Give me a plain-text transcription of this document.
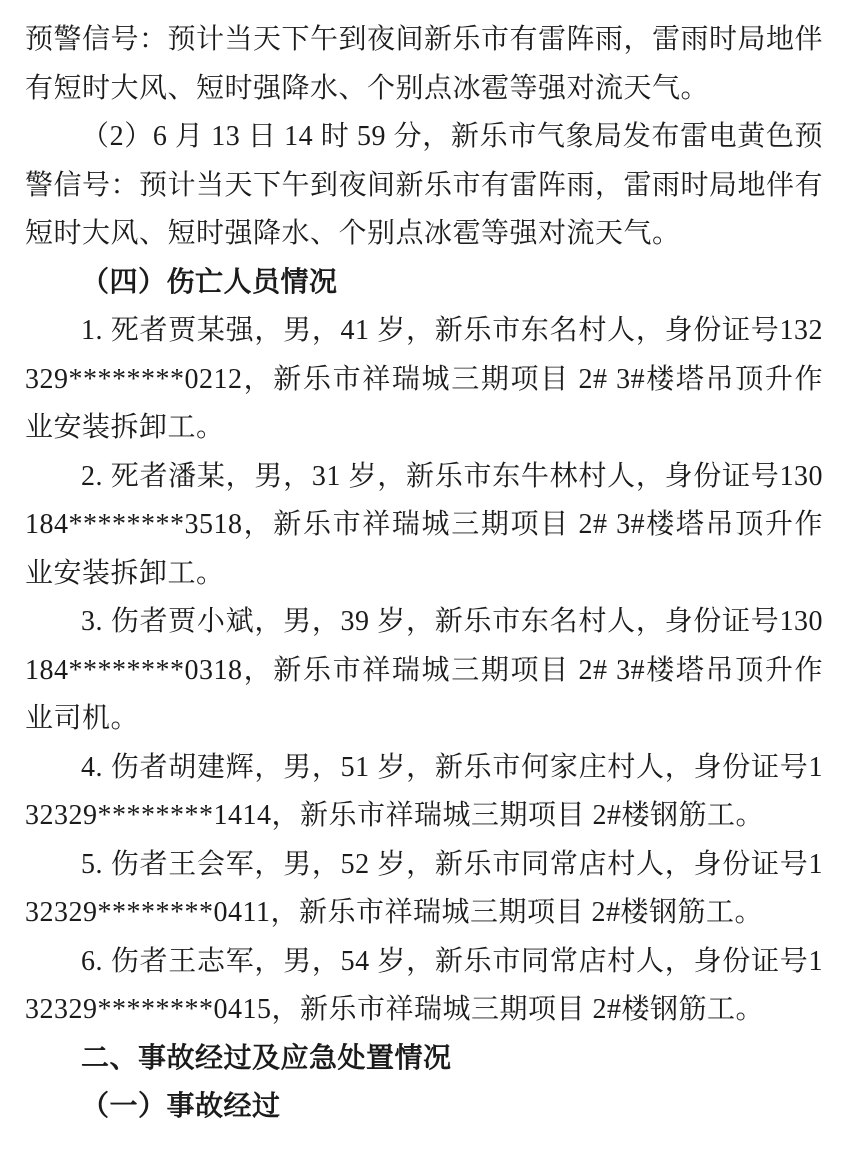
预警信号：预计当天下午到夜间新乐市有雷阵雨，雷雨时局地伴有短时大风、短时强降水、个别点冰雹等强对流天气。

（2）6 月 13 日 14 时 59 分，新乐市气象局发布雷电黄色预警信号：预计当天下午到夜间新乐市有雷阵雨，雷雨时局地伴有短时大风、短时强降水、个别点冰雹等强对流天气。

（四）伤亡人员情况

1. 死者贾某强，男，41 岁，新乐市东名村人，身份证号132329********0212，新乐市祥瑞城三期项目 2# 3#楼塔吊顶升作业安装拆卸工。

2. 死者潘某，男，31 岁，新乐市东牛林村人，身份证号130184********3518，新乐市祥瑞城三期项目 2# 3#楼塔吊顶升作业安装拆卸工。

3. 伤者贾小斌，男，39 岁，新乐市东名村人，身份证号130184********0318，新乐市祥瑞城三期项目 2# 3#楼塔吊顶升作业司机。

4. 伤者胡建辉，男，51 岁，新乐市何家庄村人，身份证号132329********1414，新乐市祥瑞城三期项目 2#楼钢筋工。

5. 伤者王会军，男，52 岁，新乐市同常店村人，身份证号132329********0411，新乐市祥瑞城三期项目 2#楼钢筋工。

6. 伤者王志军，男，54 岁，新乐市同常店村人，身份证号132329********0415，新乐市祥瑞城三期项目 2#楼钢筋工。

二、事故经过及应急处置情况

（一）事故经过
